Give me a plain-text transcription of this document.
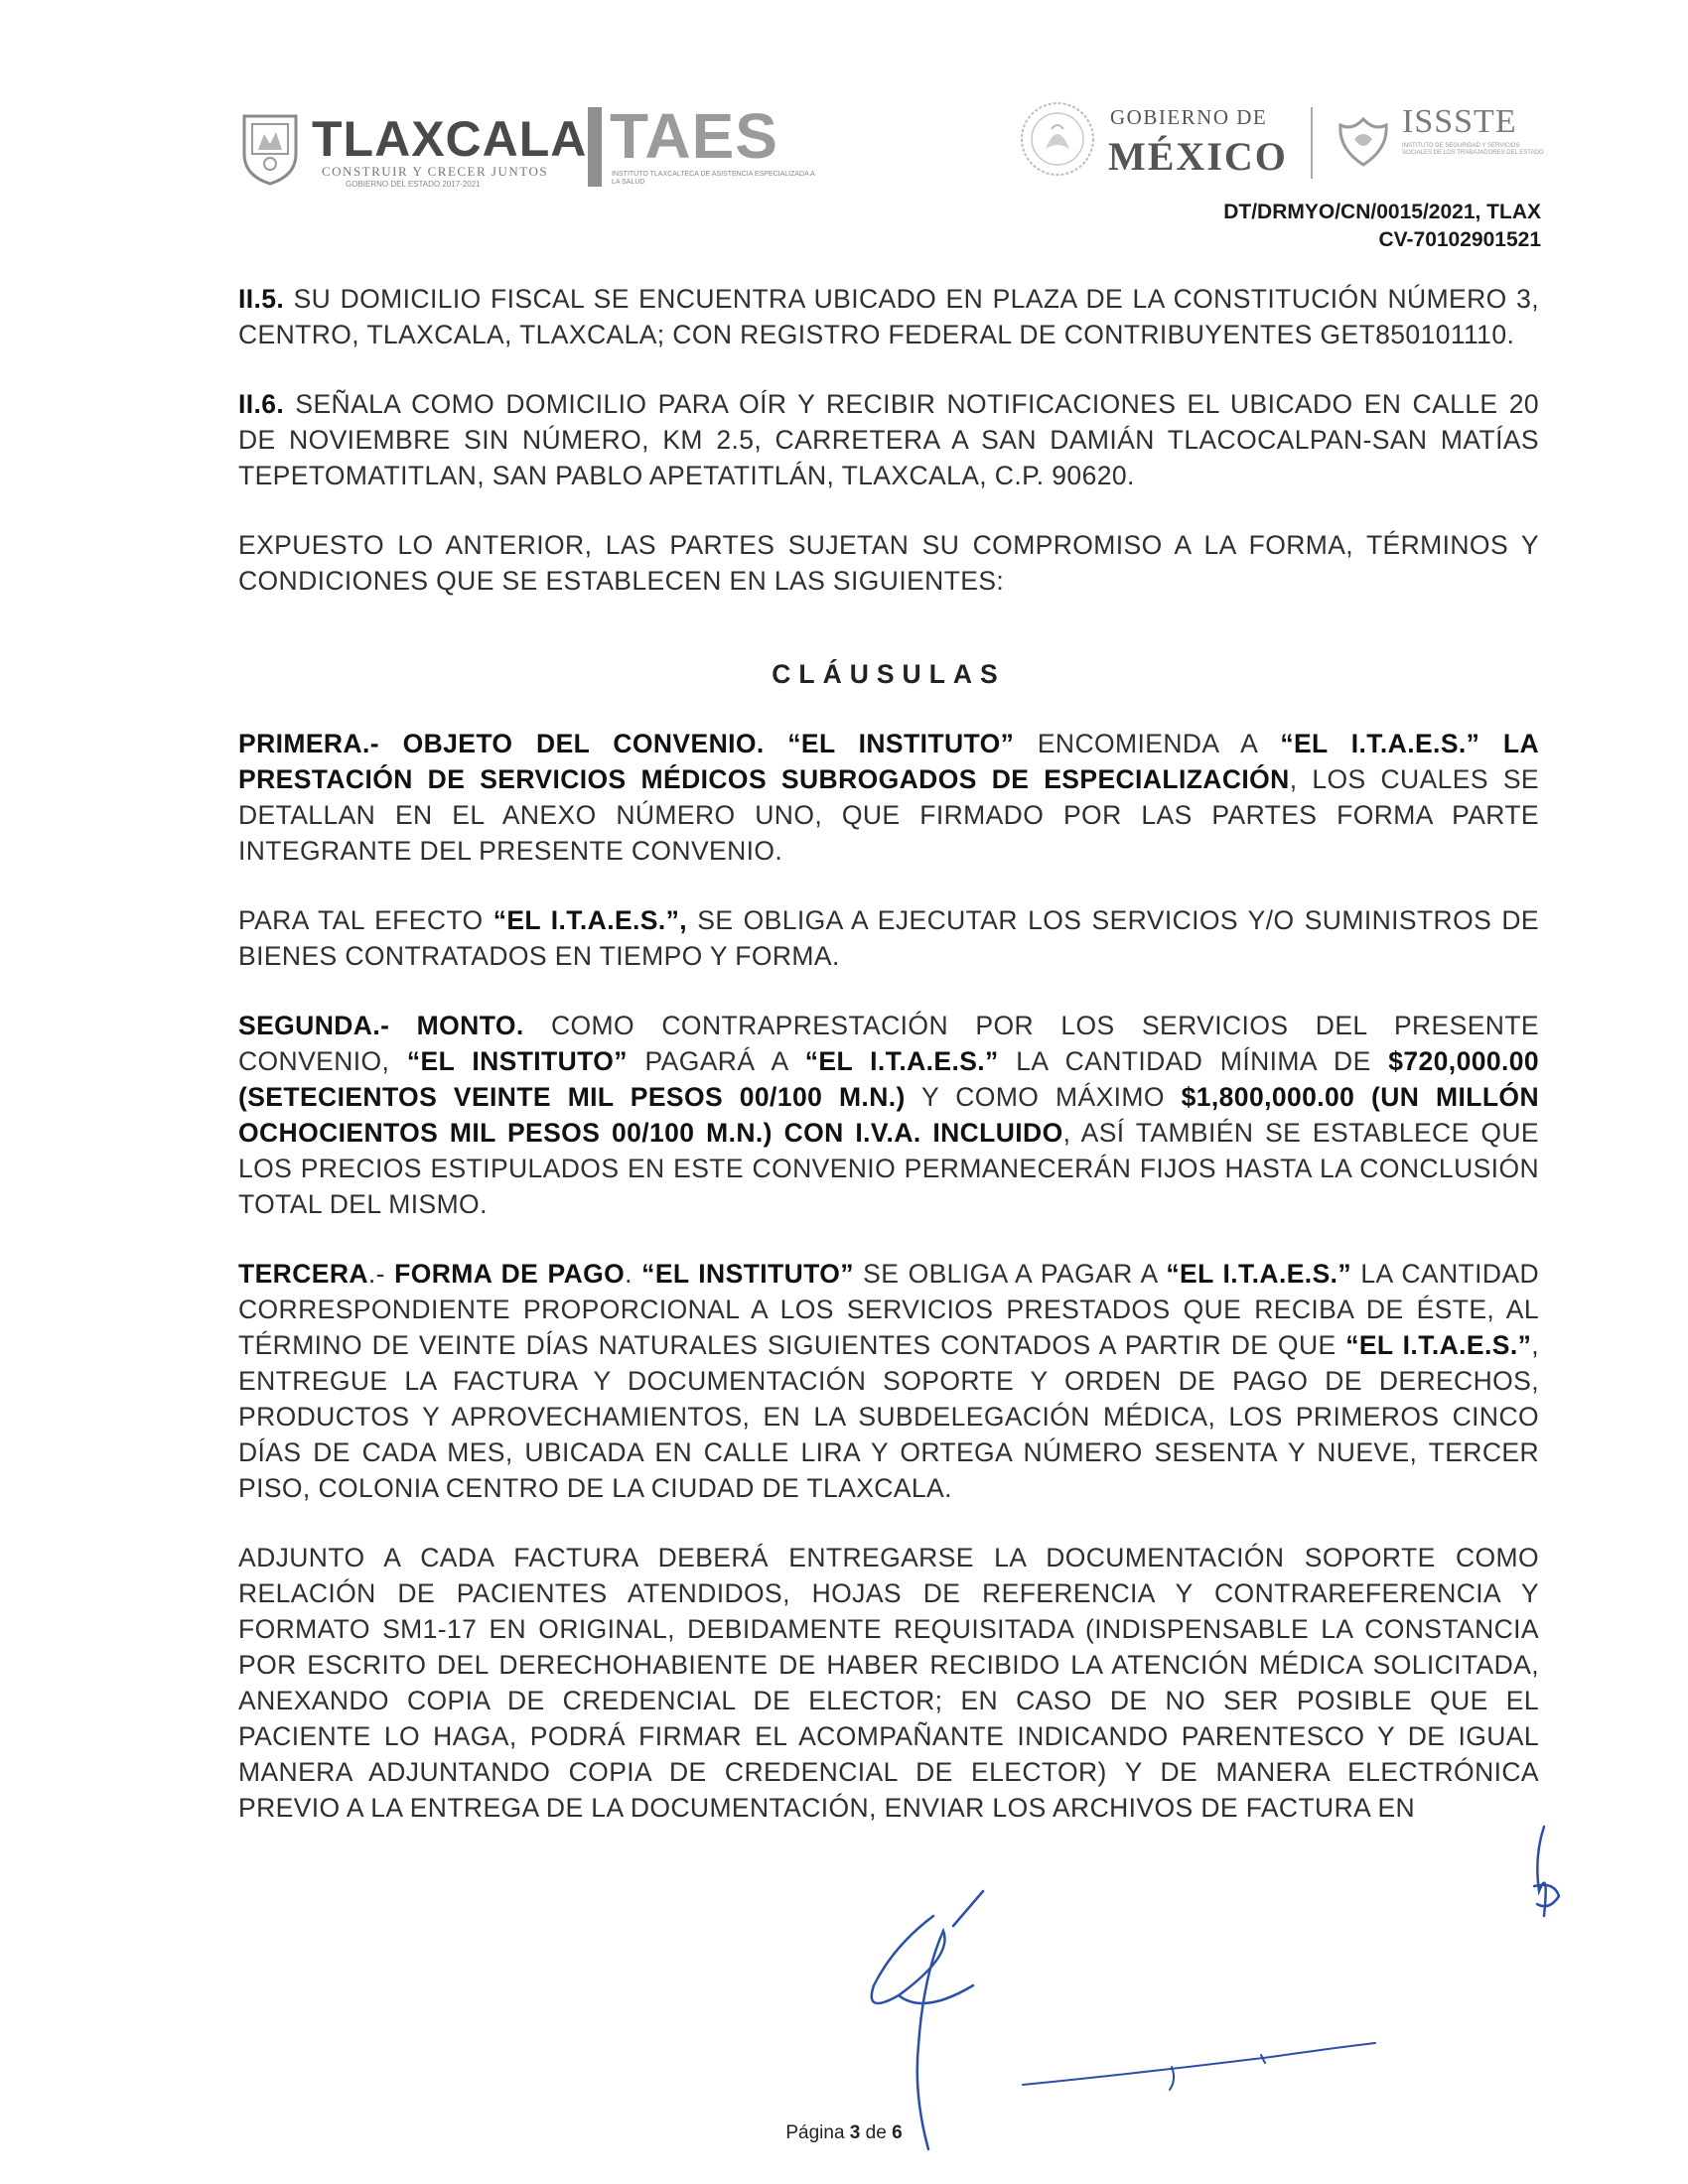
TLAXCALA
CONSTRUIR Y CRECER JUNTOS
GOBIERNO DEL ESTADO 2017-2021
TAES
INSTITUTO TLAXCALTECA DE ASISTENCIA ESPECIALIZADA A LA SALUD
GOBIERNO DE
MÉXICO
ISSSTE
INSTITUTO DE SEGURIDAD Y SERVICIOS SOCIALES DE LOS TRABAJADORES DEL ESTADO
DT/DRMYO/CN/0015/2021, TLAX
CV-70102901521

II.5. SU DOMICILIO FISCAL SE ENCUENTRA UBICADO EN PLAZA DE LA CONSTITUCIÓN NÚMERO 3, CENTRO, TLAXCALA, TLAXCALA; CON REGISTRO FEDERAL DE CONTRIBUYENTES GET850101110.

II.6. SEÑALA COMO DOMICILIO PARA OÍR Y RECIBIR NOTIFICACIONES EL UBICADO EN CALLE 20 DE NOVIEMBRE SIN NÚMERO, KM 2.5, CARRETERA A SAN DAMIÁN TLACOCALPAN-SAN MATÍAS TEPETOMATITLAN, SAN PABLO APETATITLÁN, TLAXCALA, C.P. 90620.

EXPUESTO LO ANTERIOR, LAS PARTES SUJETAN SU COMPROMISO A LA FORMA, TÉRMINOS Y CONDICIONES QUE SE ESTABLECEN EN LAS SIGUIENTES:

CLÁUSULAS

PRIMERA.- OBJETO DEL CONVENIO. “EL INSTITUTO” ENCOMIENDA A “EL I.T.A.E.S.” LA PRESTACIÓN DE SERVICIOS MÉDICOS SUBROGADOS DE ESPECIALIZACIÓN, LOS CUALES SE DETALLAN EN EL ANEXO NÚMERO UNO, QUE FIRMADO POR LAS PARTES FORMA PARTE INTEGRANTE DEL PRESENTE CONVENIO.

PARA TAL EFECTO “EL I.T.A.E.S.”, SE OBLIGA A EJECUTAR LOS SERVICIOS Y/O SUMINISTROS DE BIENES CONTRATADOS EN TIEMPO Y FORMA.

SEGUNDA.- MONTO. COMO CONTRAPRESTACIÓN POR LOS SERVICIOS DEL PRESENTE CONVENIO, “EL INSTITUTO” PAGARÁ A “EL I.T.A.E.S.” LA CANTIDAD MÍNIMA DE $720,000.00 (SETECIENTOS VEINTE MIL PESOS 00/100 M.N.) Y COMO MÁXIMO $1,800,000.00 (UN MILLÓN OCHOCIENTOS MIL PESOS 00/100 M.N.) CON I.V.A. INCLUIDO, ASÍ TAMBIÉN SE ESTABLECE QUE LOS PRECIOS ESTIPULADOS EN ESTE CONVENIO PERMANECERÁN FIJOS HASTA LA CONCLUSIÓN TOTAL DEL MISMO.

TERCERA.- FORMA DE PAGO. “EL INSTITUTO” SE OBLIGA A PAGAR A “EL I.T.A.E.S.” LA CANTIDAD CORRESPONDIENTE PROPORCIONAL A LOS SERVICIOS PRESTADOS QUE RECIBA DE ÉSTE, AL TÉRMINO DE VEINTE DÍAS NATURALES SIGUIENTES CONTADOS A PARTIR DE QUE “EL I.T.A.E.S.”, ENTREGUE LA FACTURA Y DOCUMENTACIÓN SOPORTE Y ORDEN DE PAGO DE DERECHOS, PRODUCTOS Y APROVECHAMIENTOS, EN LA SUBDELEGACIÓN MÉDICA, LOS PRIMEROS CINCO DÍAS DE CADA MES, UBICADA EN CALLE LIRA Y ORTEGA NÚMERO SESENTA Y NUEVE, TERCER PISO, COLONIA CENTRO DE LA CIUDAD DE TLAXCALA.

ADJUNTO A CADA FACTURA DEBERÁ ENTREGARSE LA DOCUMENTACIÓN SOPORTE COMO RELACIÓN DE PACIENTES ATENDIDOS, HOJAS DE REFERENCIA Y CONTRAREFERENCIA Y FORMATO SM1-17 EN ORIGINAL, DEBIDAMENTE REQUISITADA (INDISPENSABLE LA CONSTANCIA POR ESCRITO DEL DERECHOHABIENTE DE HABER RECIBIDO LA ATENCIÓN MÉDICA SOLICITADA, ANEXANDO COPIA DE CREDENCIAL DE ELECTOR; EN CASO DE NO SER POSIBLE QUE EL PACIENTE LO HAGA, PODRÁ FIRMAR EL ACOMPAÑANTE INDICANDO PARENTESCO Y DE IGUAL MANERA ADJUNTANDO COPIA DE CREDENCIAL DE ELECTOR) Y DE MANERA ELECTRÓNICA PREVIO A LA ENTREGA DE LA DOCUMENTACIÓN, ENVIAR LOS ARCHIVOS DE FACTURA EN

Página 3 de 6
